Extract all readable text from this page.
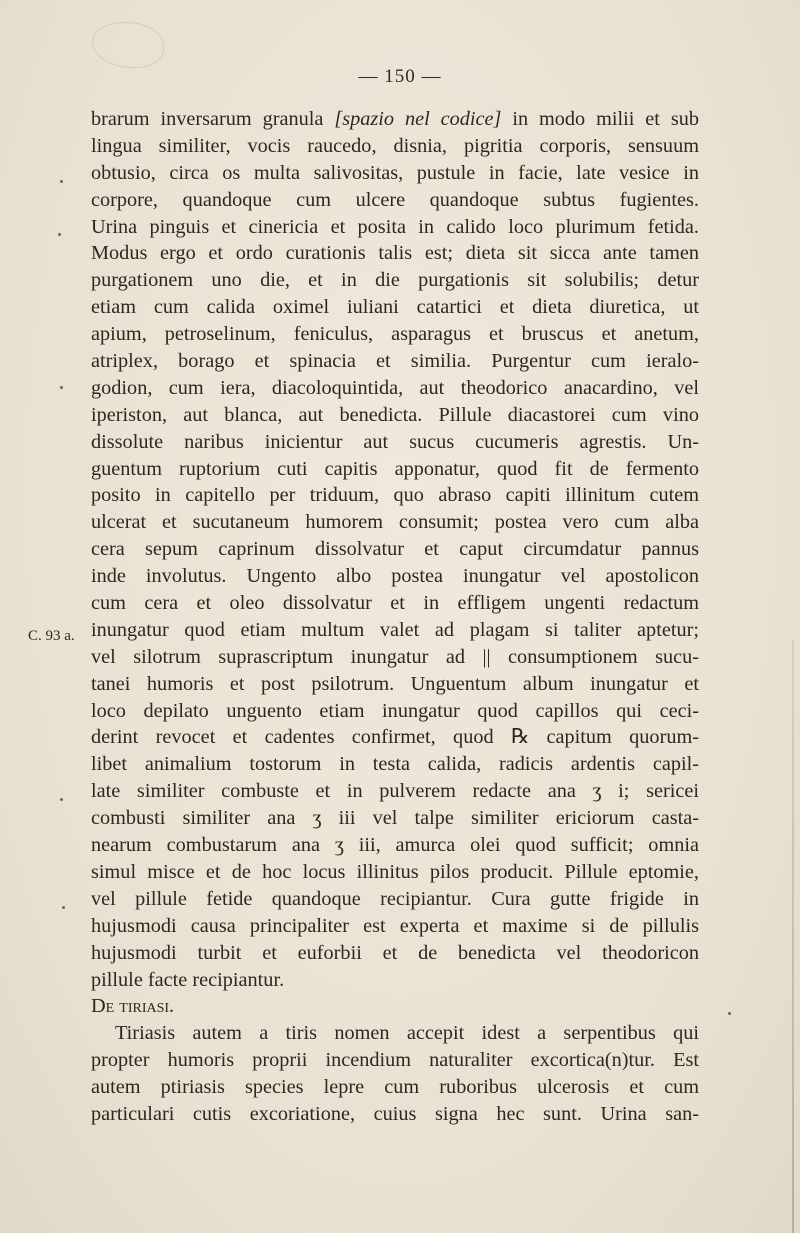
— 150 —
C. 93 a.
brarum inversarum granula [spazio nel codice] in modo milii et sub
lingua similiter, vocis raucedo, disnia, pigritia corporis, sensuum
obtusio, circa os multa salivositas, pustule in facie, late vesice in
corpore, quandoque cum ulcere quandoque subtus fugientes.
Urina pinguis et cinericia et posita in calido loco plurimum fetida.
Modus ergo et ordo curationis talis est; dieta sit sicca ante tamen
purgationem uno die, et in die purgationis sit solubilis; detur
etiam cum calida oximel iuliani catartici et dieta diuretica, ut
apium, petroselinum, feniculus, asparagus et bruscus et anetum,
atriplex, borago et spinacia et similia. Purgentur cum ieralo-
godion, cum iera, diacoloquintida, aut theodorico anacardino, vel
iperiston, aut blanca, aut benedicta. Pillule diacastorei cum vino
dissolute naribus inicientur aut sucus cucumeris agrestis. Un-
guentum ruptorium cuti capitis apponatur, quod fit de fermento
posito in capitello per triduum, quo abraso capiti illinitum cutem
ulcerat et sucutaneum humorem consumit; postea vero cum alba
cera sepum caprinum dissolvatur et caput circumdatur pannus
inde involutus. Ungento albo postea inungatur vel apostolicon
cum cera et oleo dissolvatur et in effligem ungenti redactum
inungatur quod etiam multum valet ad plagam si taliter aptetur;
vel silotrum suprascriptum inungatur ad || consumptionem sucu-
tanei humoris et post psilotrum. Unguentum album inungatur et
loco depilato unguento etiam inungatur quod capillos qui ceci-
derint revocet et cadentes confirmet, quod ℞ capitum quorum-
libet animalium tostorum in testa calida, radicis ardentis capil-
late similiter combuste et in pulverem redacte ana ʒ i; sericei
combusti similiter ana ʒ iii vel talpe similiter ericiorum casta-
nearum combustarum ana ʒ iii, amurca olei quod sufficit; omnia
simul misce et de hoc locus illinitus pilos producit. Pillule eptomie,
vel pillule fetide quandoque recipiantur. Cura gutte frigide in
hujusmodi causa principaliter est experta et maxime si de pillulis
hujusmodi turbit et euforbii et de benedicta vel theodoricon
pillule facte recipiantur.
De tiriasi.
Tiriasis autem a tiris nomen accepit idest a serpentibus qui
propter humoris proprii incendium naturaliter excortica(n)tur. Est
autem ptiriasis species lepre cum ruboribus ulcerosis et cum
particulari cutis excoriatione, cuius signa hec sunt. Urina san-
